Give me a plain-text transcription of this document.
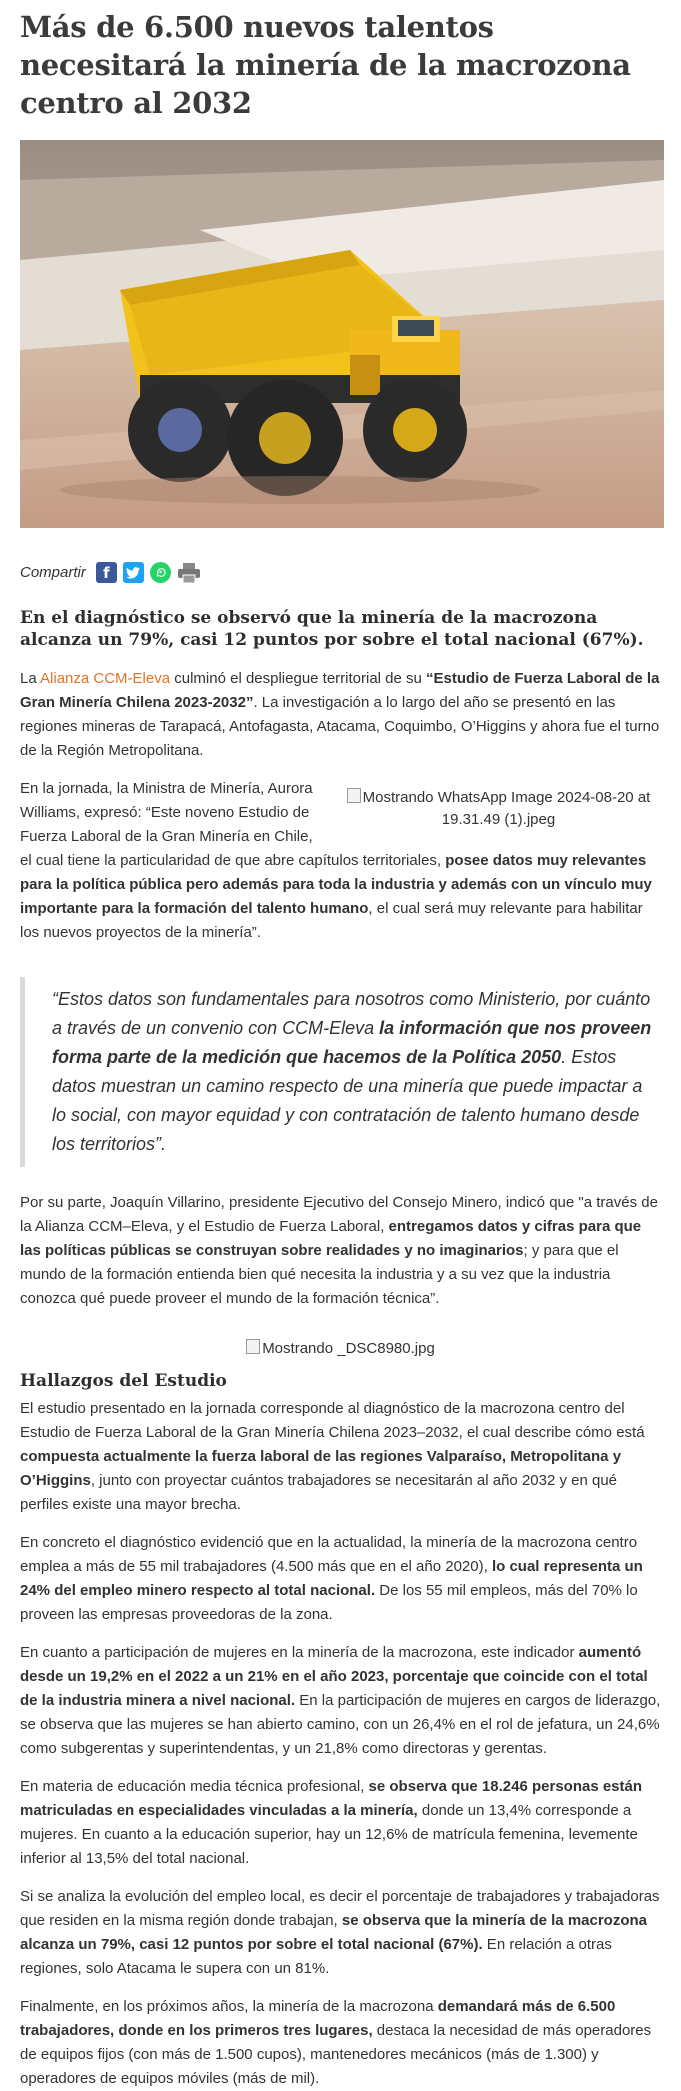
Más de 6.500 nuevos talentos necesitará la minería de la macrozona centro al 2032
Compartir	f
En el diagnóstico se observó que la minería de la macrozona alcanza un 79%, casi 12 puntos por sobre el total nacional (67%).

La Alianza CCM-Eleva culminó el despliegue territorial de su “Estudio de Fuerza Laboral de la Gran Minería Chilena 2023-2032”. La investigación a lo largo del año se presentó en las regiones mineras de Tarapacá, Antofagasta, Atacama, Coquimbo, O’Higgins y ahora fue el turno de la Región Metropolitana.

Mostrando WhatsApp Image 2024-08-20 at 19.31.49 (1).jpeg

En la jornada, la Ministra de Minería, Aurora Williams, expresó: “Este noveno Estudio de Fuerza Laboral de la Gran Minería en Chile, el cual tiene la particularidad de que abre capítulos territoriales, posee datos muy relevantes para la política pública pero además para toda la industria y además con un vínculo muy importante para la formación del talento humano, el cual será muy relevante para habilitar los nuevos proyectos de la minería”.

“Estos datos son fundamentales para nosotros como Ministerio, por cuánto a través de un convenio con CCM-Eleva la información que nos proveen forma parte de la medición que hacemos de la Política 2050. Estos datos muestran un camino respecto de una minería que puede impactar a lo social, con mayor equidad y con contratación de talento humano desde los territorios”.

Por su parte, Joaquín Villarino, presidente Ejecutivo del Consejo Minero, indicó que "a través de la Alianza CCM–Eleva, y el Estudio de Fuerza Laboral, entregamos datos y cifras para que las políticas públicas se construyan sobre realidades y no imaginarios; y para que el mundo de la formación entienda bien qué necesita la industria y a su vez que la industria conozca qué puede proveer el mundo de la formación técnica”.

Mostrando _DSC8980.jpg
Hallazgos del Estudio

El estudio presentado en la jornada corresponde al diagnóstico de la macrozona centro del Estudio de Fuerza Laboral de la Gran Minería Chilena 2023–2032, el cual describe cómo está compuesta actualmente la fuerza laboral de las regiones Valparaíso, Metropolitana y O’Higgins, junto con proyectar cuántos trabajadores se necesitarán al año 2032 y en qué perfiles existe una mayor brecha.

En concreto el diagnóstico evidenció que en la actualidad, la minería de la macrozona centro emplea a más de 55 mil trabajadores (4.500 más que en el año 2020), lo cual representa un 24% del empleo minero respecto al total nacional. De los 55 mil empleos, más del 70% lo proveen las empresas proveedoras de la zona.

En cuanto a participación de mujeres en la minería de la macrozona, este indicador aumentó desde un 19,2% en el 2022 a un 21% en el año 2023, porcentaje que coincide con el total de la industria minera a nivel nacional. En la participación de mujeres en cargos de liderazgo, se observa que las mujeres se han abierto camino, con un 26,4% en el rol de jefatura, un 24,6% como subgerentas y superintendentas, y un 21,8% como directoras y gerentas.

En materia de educación media técnica profesional, se observa que 18.246 personas están matriculadas en especialidades vinculadas a la minería, donde un 13,4% corresponde a mujeres. En cuanto a la educación superior, hay un 12,6% de matrícula femenina, levemente inferior al 13,5% del total nacional.

Si se analiza la evolución del empleo local, es decir el porcentaje de trabajadores y trabajadoras que residen en la misma región donde trabajan, se observa que la minería de la macrozona alcanza un 79%, casi 12 puntos por sobre el total nacional (67%). En relación a otras regiones, solo Atacama le supera con un 81%.

Finalmente, en los próximos años, la minería de la macrozona demandará más de 6.500 trabajadores, donde en los primeros tres lugares, destaca la necesidad de más operadores de equipos fijos (con más de 1.500 cupos), mantenedores mecánicos (más de 1.300) y operadores de equipos móviles (más de mil).
